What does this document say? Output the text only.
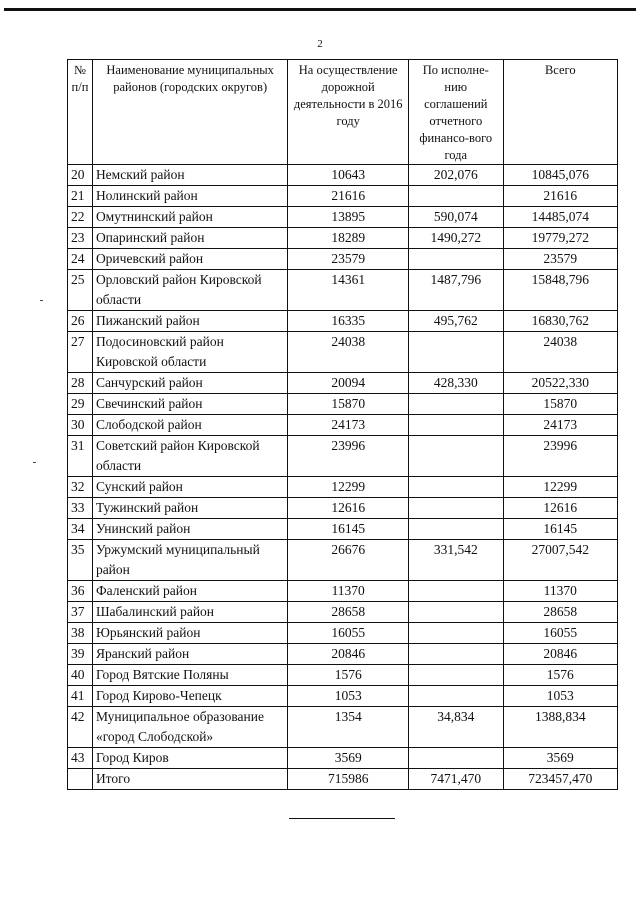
2
№ п/п	Наименование муниципальных районов (городских округов)	На осуществление дорожной деятельности в 2016 году	По исполне-нию соглашений отчетного финансо-вого года	Всего
20	Немский район	10643	202,076	10845,076
21	Нолинский район	21616		21616
22	Омутнинский район	13895	590,074	14485,074
23	Опаринский район	18289	1490,272	19779,272
24	Оричевский район	23579		23579
25	Орловский район Кировской области	14361	1487,796	15848,796
26	Пижанский район	16335	495,762	16830,762
27	Подосиновский район Кировской области	24038		24038
28	Санчурский район	20094	428,330	20522,330
29	Свечинский район	15870		15870
30	Слободской район	24173		24173
31	Советский район Кировской области	23996		23996
32	Сунский район	12299		12299
33	Тужинский район	12616		12616
34	Унинский район	16145		16145
35	Уржумский муниципальный район	26676	331,542	27007,542
36	Фаленский район	11370		11370
37	Шабалинский район	28658		28658
38	Юрьянский район	16055		16055
39	Яранский район	20846		20846
40	Город Вятские Поляны	1576		1576
41	Город Кирово-Чепецк	1053		1053
42	Муниципальное образование «город Слободской»	1354	34,834	1388,834
43	Город Киров	3569		3569
	Итого	715986	7471,470	723457,470
